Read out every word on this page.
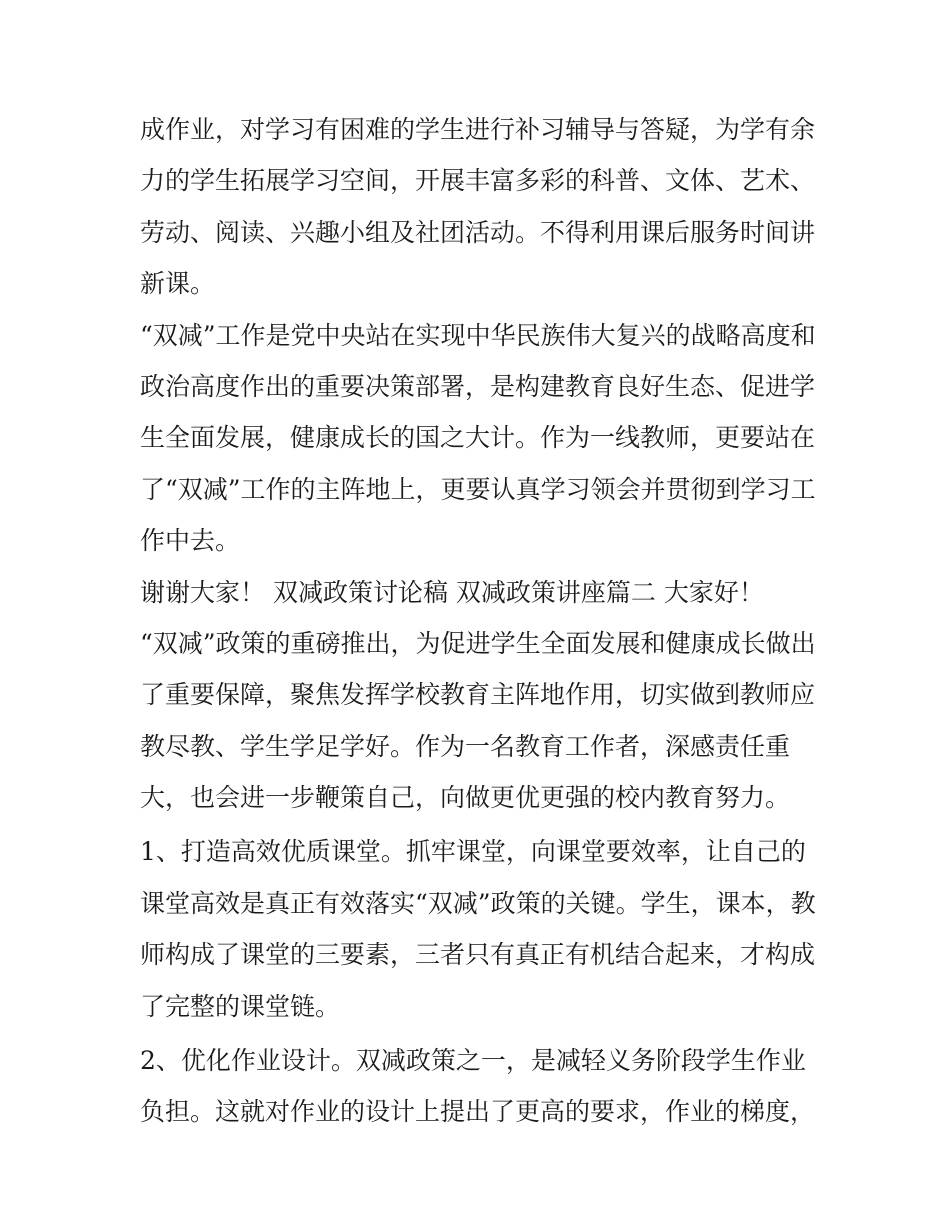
成作业，对学习有困难的学生进行补习辅导与答疑，为学有余
力的学生拓展学习空间，开展丰富多彩的科普、文体、艺术、
劳动、阅读、兴趣小组及社团活动。不得利用课后服务时间讲
新课。
“双减”工作是党中央站在实现中华民族伟大复兴的战略高度和
政治高度作出的重要决策部署，是构建教育良好生态、促进学
生全面发展，健康成长的国之大计。作为一线教师，更要站在
了“双减”工作的主阵地上，更要认真学习领会并贯彻到学习工
作中去。
谢谢大家！ 双减政策讨论稿 双减政策讲座篇二 大家好！
“双减”政策的重磅推出，为促进学生全面发展和健康成长做出
了重要保障，聚焦发挥学校教育主阵地作用，切实做到教师应
教尽教、学生学足学好。作为一名教育工作者，深感责任重
大，也会进一步鞭策自己，向做更优更强的校内教育努力。
1、打造高效优质课堂。抓牢课堂，向课堂要效率，让自己的
课堂高效是真正有效落实“双减”政策的关键。学生，课本，教
师构成了课堂的三要素，三者只有真正有机结合起来，才构成
了完整的课堂链。
2、优化作业设计。双减政策之一，是减轻义务阶段学生作业
负担。这就对作业的设计上提出了更高的要求，作业的梯度，
